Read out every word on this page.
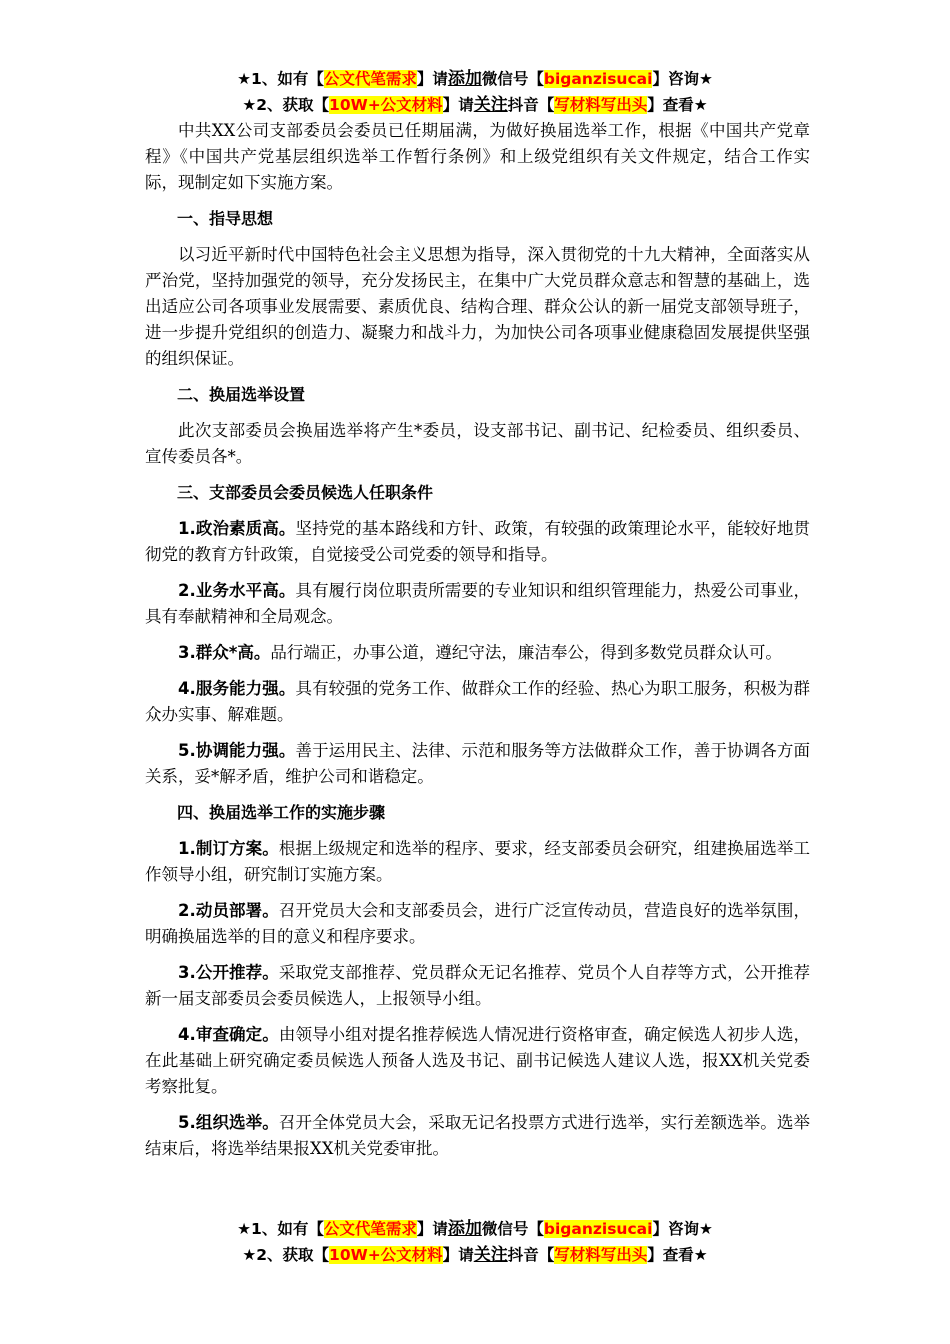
★1、如有【公文代笔需求】请添加微信号【biganzisucai】咨询★
★2、获取【10W+公文材料】请关注抖音【写材料写出头】查看★

中共XX公司支部委员会委员已任期届满，为做好换届选举工作，根据《中国共产党章程》《中国共产党基层组织选举工作暂行条例》和上级党组织有关文件规定，结合工作实际，现制定如下实施方案。

一、指导思想

以习近平新时代中国特色社会主义思想为指导，深入贯彻党的十九大精神，全面落实从严治党，坚持加强党的领导，充分发扬民主，在集中广大党员群众意志和智慧的基础上，选出适应公司各项事业发展需要、素质优良、结构合理、群众公认的新一届党支部领导班子，进一步提升党组织的创造力、凝聚力和战斗力，为加快公司各项事业健康稳固发展提供坚强的组织保证。

二、换届选举设置

此次支部委员会换届选举将产生*委员，设支部书记、副书记、纪检委员、组织委员、宣传委员各*。

三、支部委员会委员候选人任职条件

1.政治素质高。坚持党的基本路线和方针、政策，有较强的政策理论水平，能较好地贯彻党的教育方针政策，自觉接受公司党委的领导和指导。

2.业务水平高。具有履行岗位职责所需要的专业知识和组织管理能力，热爱公司事业，具有奉献精神和全局观念。

3.群众*高。品行端正，办事公道，遵纪守法，廉洁奉公，得到多数党员群众认可。

4.服务能力强。具有较强的党务工作、做群众工作的经验、热心为职工服务，积极为群众办实事、解难题。

5.协调能力强。善于运用民主、法律、示范和服务等方法做群众工作，善于协调各方面关系，妥*解矛盾，维护公司和谐稳定。

四、换届选举工作的实施步骤

1.制订方案。根据上级规定和选举的程序、要求，经支部委员会研究，组建换届选举工作领导小组，研究制订实施方案。

2.动员部署。召开党员大会和支部委员会，进行广泛宣传动员，营造良好的选举氛围，明确换届选举的目的意义和程序要求。

3.公开推荐。采取党支部推荐、党员群众无记名推荐、党员个人自荐等方式，公开推荐新一届支部委员会委员候选人，上报领导小组。

4.审查确定。由领导小组对提名推荐候选人情况进行资格审查，确定候选人初步人选，在此基础上研究确定委员候选人预备人选及书记、副书记候选人建议人选，报XX机关党委考察批复。

5.组织选举。召开全体党员大会，采取无记名投票方式进行选举，实行差额选举。选举结束后，将选举结果报XX机关党委审批。

★1、如有【公文代笔需求】请添加微信号【biganzisucai】咨询★
★2、获取【10W+公文材料】请关注抖音【写材料写出头】查看★
